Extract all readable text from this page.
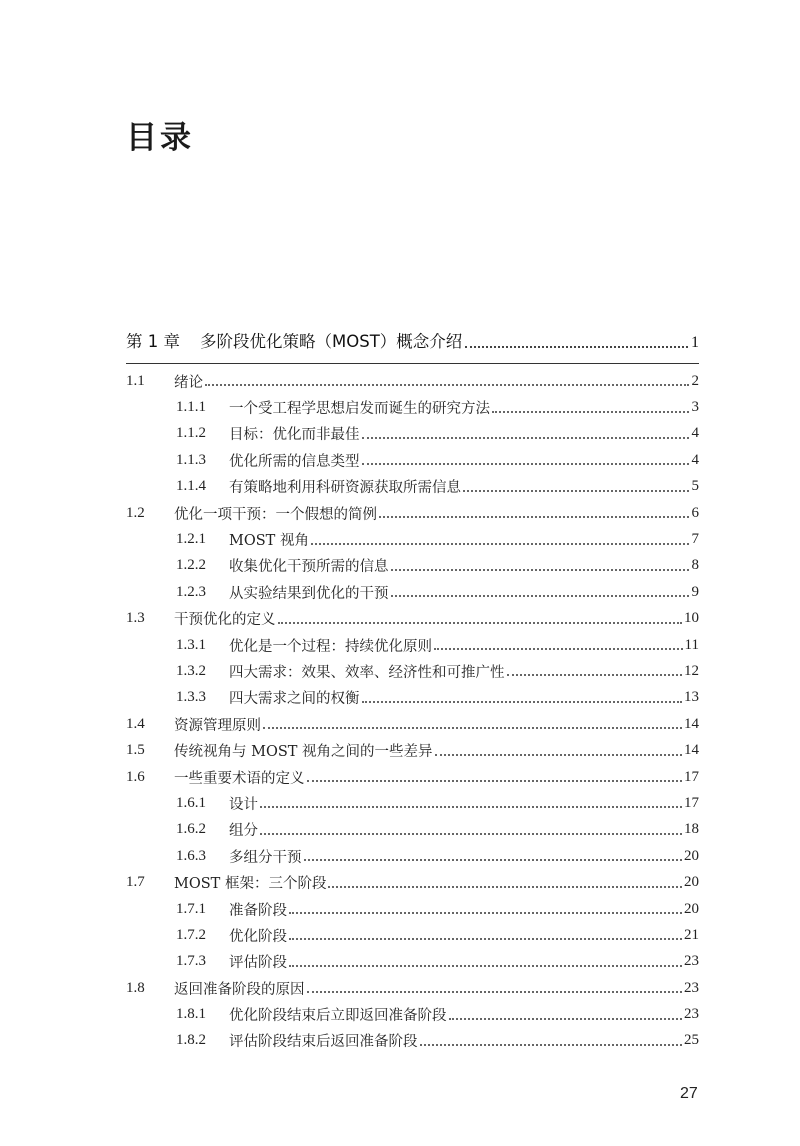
目录
第 1 章 多阶段优化策略（MOST）概念介绍	1
1.1	绪论	2
1.1.1	一个受工程学思想启发而诞生的研究方法	3
1.1.2	目标：优化而非最佳	4
1.1.3	优化所需的信息类型	4
1.1.4	有策略地利用科研资源获取所需信息	5
1.2	优化一项干预：一个假想的简例	6
1.2.1	MOST 视角	7
1.2.2	收集优化干预所需的信息	8
1.2.3	从实验结果到优化的干预	9
1.3	干预优化的定义	10
1.3.1	优化是一个过程：持续优化原则	11
1.3.2	四大需求：效果、效率、经济性和可推广性	12
1.3.3	四大需求之间的权衡	13
1.4	资源管理原则	14
1.5	传统视角与 MOST 视角之间的一些差异	14
1.6	一些重要术语的定义	17
1.6.1	设计	17
1.6.2	组分	18
1.6.3	多组分干预	20
1.7	MOST 框架：三个阶段	20
1.7.1	准备阶段	20
1.7.2	优化阶段	21
1.7.3	评估阶段	23
1.8	返回准备阶段的原因	23
1.8.1	优化阶段结束后立即返回准备阶段	23
1.8.2	评估阶段结束后返回准备阶段	25
27
